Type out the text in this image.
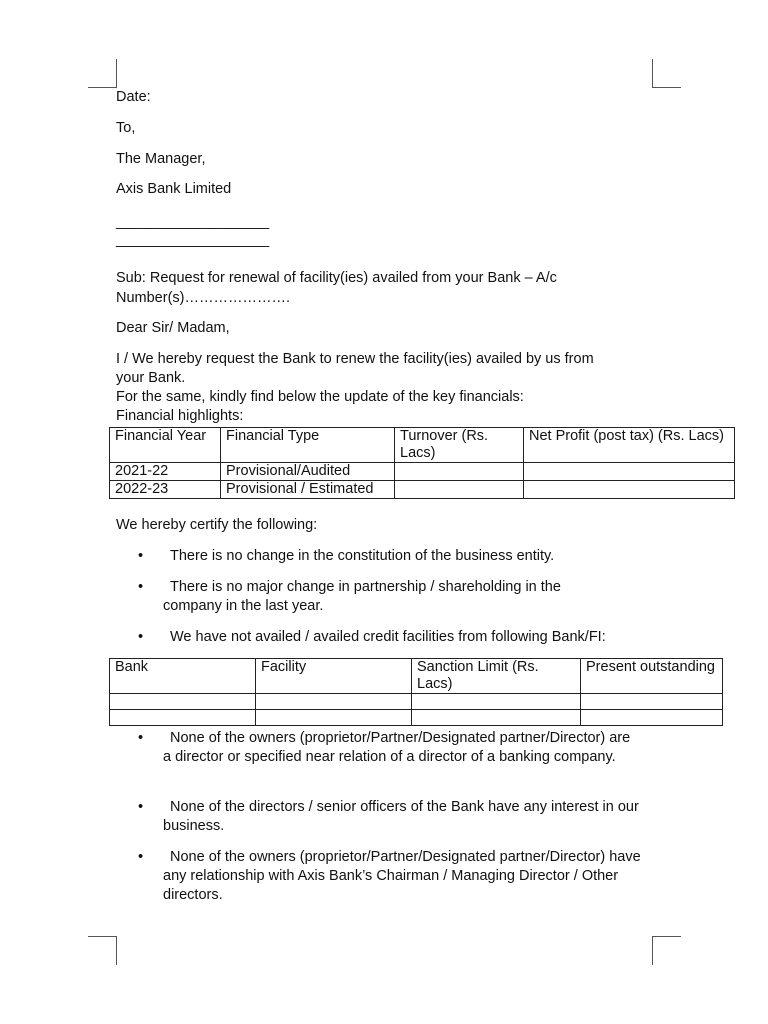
Date:
To,
The Manager,
Axis Bank Limited
___________________
___________________
Sub: Request for renewal of facility(ies) availed from your Bank – A/c
Number(s)………………….
Dear Sir/ Madam,
I / We hereby request the Bank to renew the facility(ies) availed by us from
your Bank.
For the same, kindly find below the update of the key financials:
Financial highlights:
Financial Year	Financial Type	Turnover (Rs. Lacs)	Net Profit (post tax) (Rs. Lacs)
2021-22	Provisional/Audited		
2022-23	Provisional / Estimated		
We hereby certify the following:
•	There is no change in the constitution of the business entity.
•	There is no major change in partnership / shareholding in the company in the last year.
•	We have not availed / availed credit facilities from following Bank/FI:
Bank	Facility	Sanction Limit (Rs. Lacs)	Present outstanding

•	None of the owners (proprietor/Partner/Designated partner/Director) are a director or specified near relation of a director of a banking company.
•	None of the directors / senior officers of the Bank have any interest in our business.
•	None of the owners (proprietor/Partner/Designated partner/Director) have any relationship with Axis Bank’s Chairman / Managing Director / Other directors.
